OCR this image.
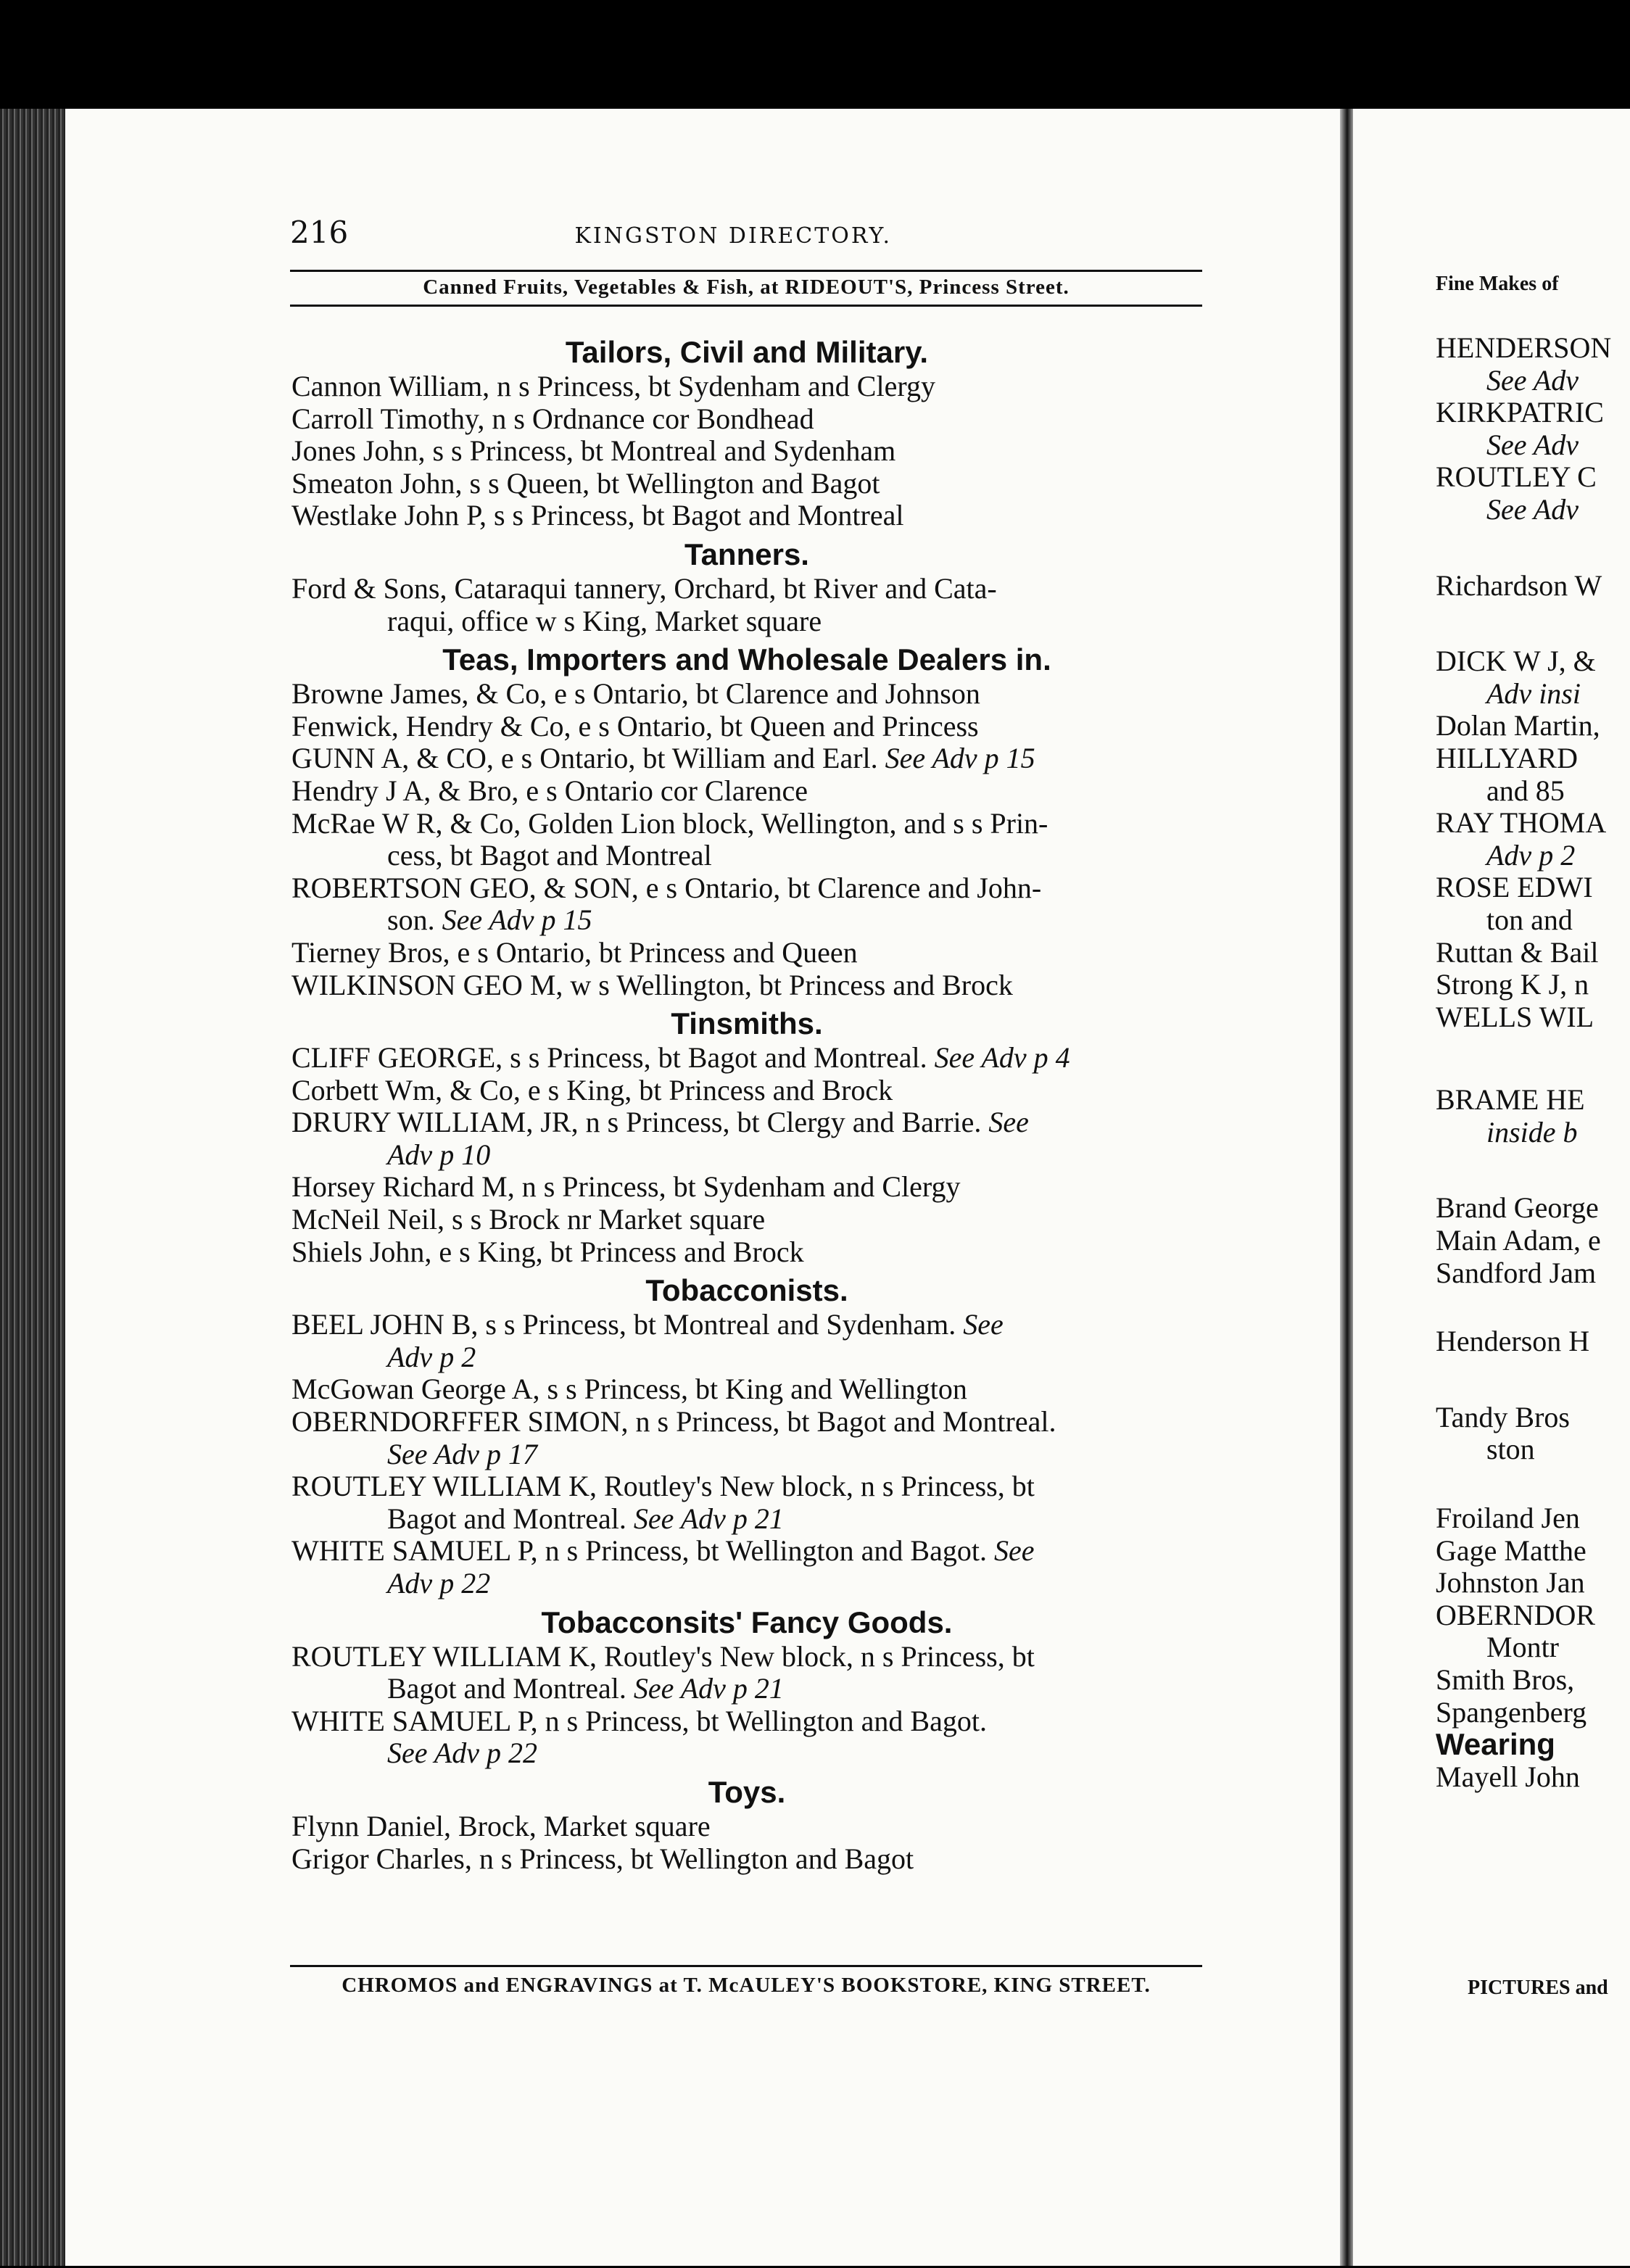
216	KINGSTON DIRECTORY.
Canned Fruits, Vegetables & Fish, at RIDEOUT'S, Princess Street.
Tailors, Civil and Military.
Cannon William, n s Princess, bt Sydenham and Clergy
Carroll Timothy, n s Ordnance cor Bondhead
Jones John, s s Princess, bt Montreal and Sydenham
Smeaton John, s s Queen, bt Wellington and Bagot
Westlake John P, s s Princess, bt Bagot and Montreal
Tanners.
Ford & Sons, Cataraqui tannery, Orchard, bt River and Cata-
raqui, office w s King, Market square
Teas, Importers and Wholesale Dealers in.
Browne James, & Co, e s Ontario, bt Clarence and Johnson
Fenwick, Hendry & Co, e s Ontario, bt Queen and Princess
GUNN A, & CO, e s Ontario, bt William and Earl. See Adv p 15
Hendry J A, & Bro, e s Ontario cor Clarence
McRae W R, & Co, Golden Lion block, Wellington, and s s Prin-
cess, bt Bagot and Montreal
ROBERTSON GEO, & SON, e s Ontario, bt Clarence and John-
son. See Adv p 15
Tierney Bros, e s Ontario, bt Princess and Queen
WILKINSON GEO M, w s Wellington, bt Princess and Brock
Tinsmiths.
CLIFF GEORGE, s s Princess, bt Bagot and Montreal. See Adv p 4
Corbett Wm, & Co, e s King, bt Princess and Brock
DRURY WILLIAM, JR, n s Princess, bt Clergy and Barrie. See
Adv p 10
Horsey Richard M, n s Princess, bt Sydenham and Clergy
McNeil Neil, s s Brock nr Market square
Shiels John, e s King, bt Princess and Brock
Tobacconists.
BEEL JOHN B, s s Princess, bt Montreal and Sydenham. See
Adv p 2
McGowan George A, s s Princess, bt King and Wellington
OBERNDORFFER SIMON, n s Princess, bt Bagot and Montreal.
See Adv p 17
ROUTLEY WILLIAM K, Routley's New block, n s Princess, bt
Bagot and Montreal. See Adv p 21
WHITE SAMUEL P, n s Princess, bt Wellington and Bagot. See
Adv p 22
Tobacconsits' Fancy Goods.
ROUTLEY WILLIAM K, Routley's New block, n s Princess, bt
Bagot and Montreal. See Adv p 21
WHITE SAMUEL P, n s Princess, bt Wellington and Bagot.
See Adv p 22
Toys.
Flynn Daniel, Brock, Market square
Grigor Charles, n s Princess, bt Wellington and Bagot
CHROMOS and ENGRAVINGS at T. McAULEY'S BOOKSTORE, KING STREET.
Fine Makes of
HENDERSON
See Adv
KIRKPATRIC
See Adv
ROUTLEY C
See Adv
Richardson W
DICK W J, &
Adv insi
Dolan Martin,
HILLYARD
and 85
RAY THOMA
Adv p 2
ROSE EDWI
ton and
Ruttan & Bail
Strong K J, n
WELLS WIL
BRAME HE
inside b
Brand George
Main Adam, e
Sandford Jam
Henderson H
Tandy Bros
ston
Froiland Jen
Gage Matthe
Johnston Jan
OBERNDOR
Montr
Smith Bros,
Spangenberg
Wearing
Mayell John
PICTURES and
